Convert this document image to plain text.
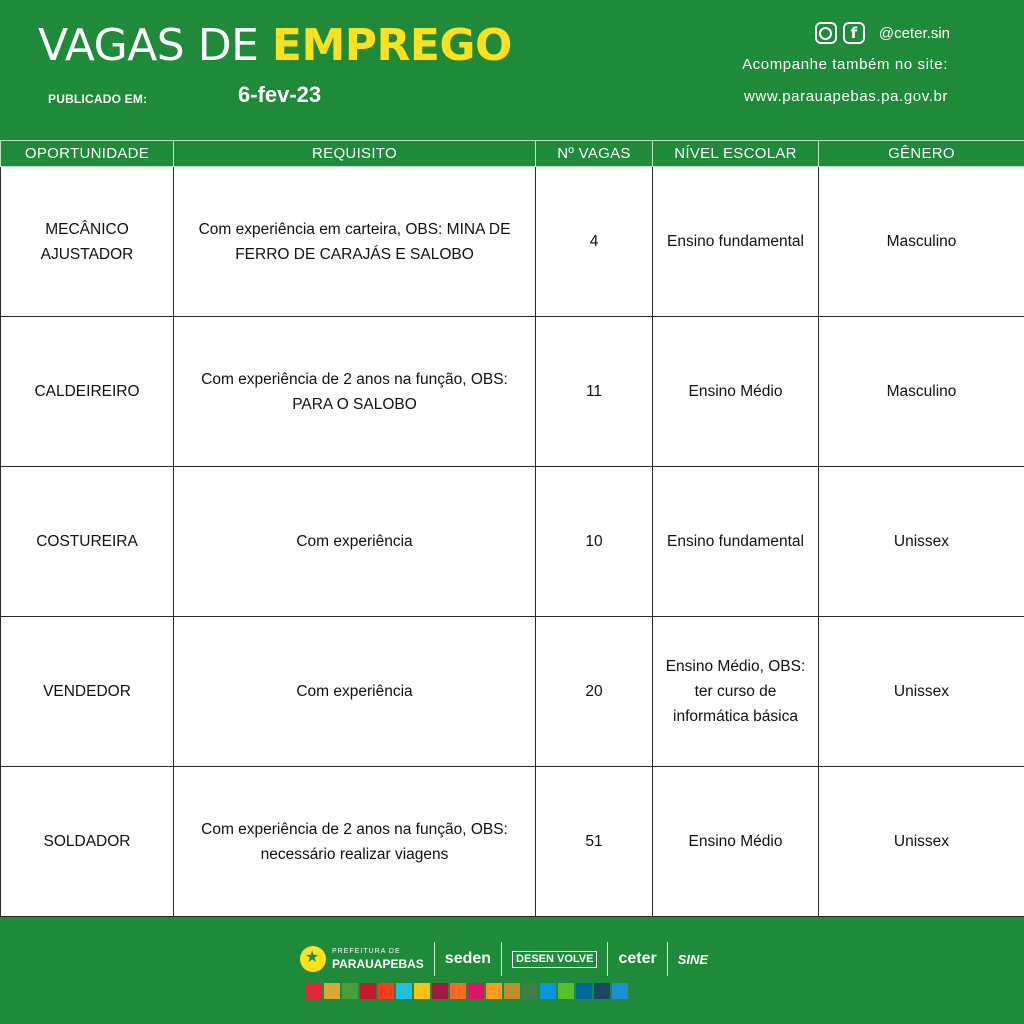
VAGAS DE EMPREGO
PUBLICADO EM:	6-fev-23
f	@ceter.sin
Acompanhe também no site:
www.parauapebas.pa.gov.br
OPORTUNIDADE	REQUISITO	Nº VAGAS	NÍVEL ESCOLAR	GÊNERO
MECÂNICO AJUSTADOR	Com experiência em carteira, OBS: MINA DE FERRO DE CARAJÁS E SALOBO	4	Ensino fundamental	Masculino
CALDEIREIRO	Com experiência de 2 anos na função, OBS: PARA O SALOBO	11	Ensino Médio	Masculino
COSTUREIRA	Com experiência	10	Ensino fundamental	Unissex
VENDEDOR	Com experiência	20	Ensino Médio, OBS: ter curso de informática básica	Unissex
SOLDADOR	Com experiência de 2 anos na função, OBS: necessário realizar viagens	51	Ensino Médio	Unissex
★
PREFEITURA DE
PARAUAPEBAS seden	DESEN VOLVE ceter SINE
